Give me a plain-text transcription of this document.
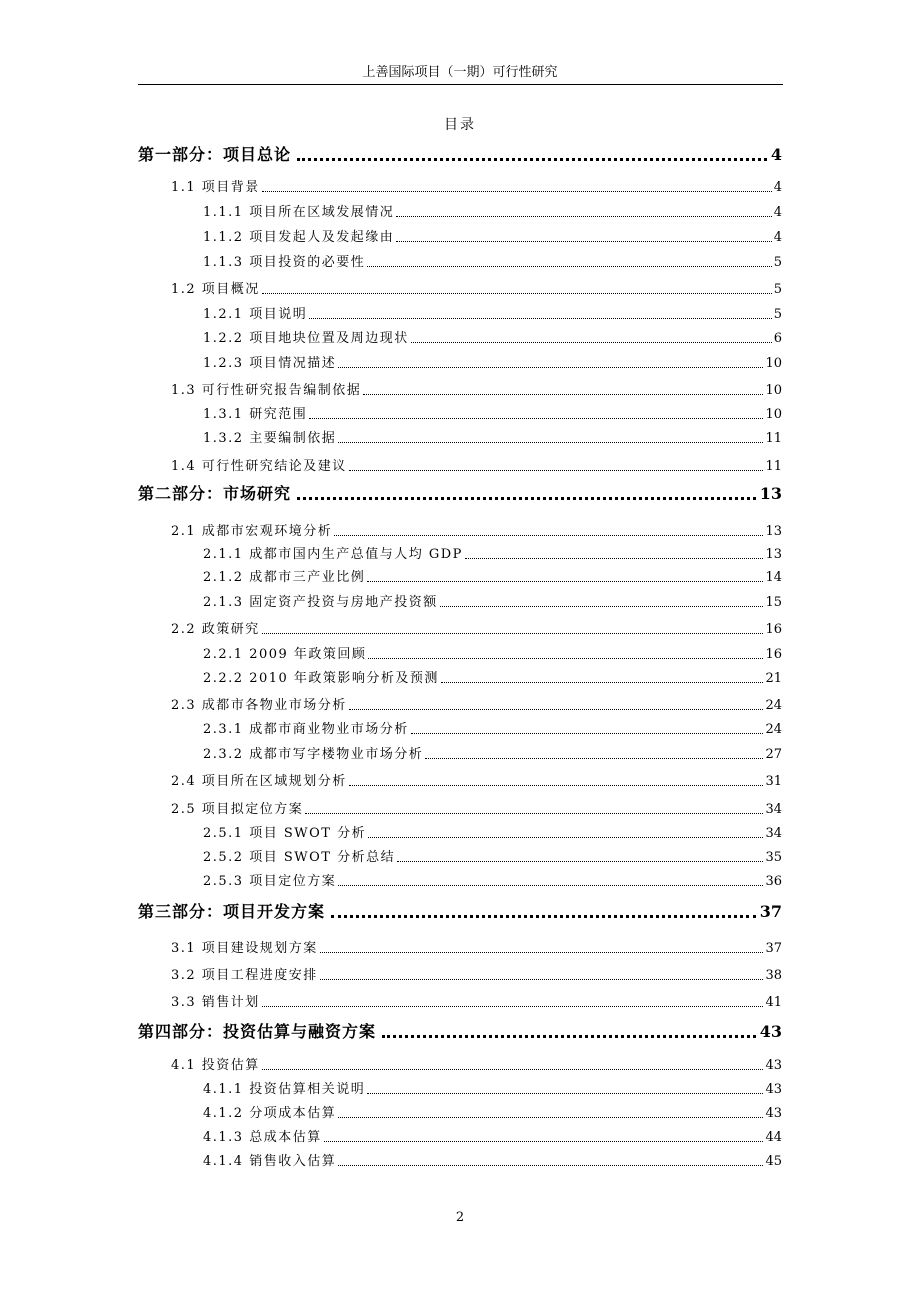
上善国际项目（一期）可行性研究
目录
第一部分：项目总论	4
1.1 项目背景	4
1.1.1 项目所在区域发展情况	4
1.1.2 项目发起人及发起缘由	4
1.1.3 项目投资的必要性	5
1.2 项目概况	5
1.2.1 项目说明	5
1.2.2 项目地块位置及周边现状	6
1.2.3 项目情况描述	10
1.3 可行性研究报告编制依据	10
1.3.1 研究范围	10
1.3.2 主要编制依据	11
1.4 可行性研究结论及建议	11
第二部分：市场研究	13
2.1 成都市宏观环境分析	13
2.1.1 成都市国内生产总值与人均 GDP	13
2.1.2 成都市三产业比例	14
2.1.3 固定资产投资与房地产投资额	15
2.2 政策研究	16
2.2.1 2009 年政策回顾	16
2.2.2 2010 年政策影响分析及预测	21
2.3 成都市各物业市场分析	24
2.3.1 成都市商业物业市场分析	24
2.3.2 成都市写字楼物业市场分析	27
2.4 项目所在区域规划分析	31
2.5 项目拟定位方案	34
2.5.1 项目 SWOT 分析	34
2.5.2 项目 SWOT 分析总结	35
2.5.3 项目定位方案	36
第三部分：项目开发方案	37
3.1 项目建设规划方案	37
3.2 项目工程进度安排	38
3.3 销售计划	41
第四部分：投资估算与融资方案	43
4.1 投资估算	43
4.1.1 投资估算相关说明	43
4.1.2 分项成本估算	43
4.1.3 总成本估算	44
4.1.4 销售收入估算	45
2
